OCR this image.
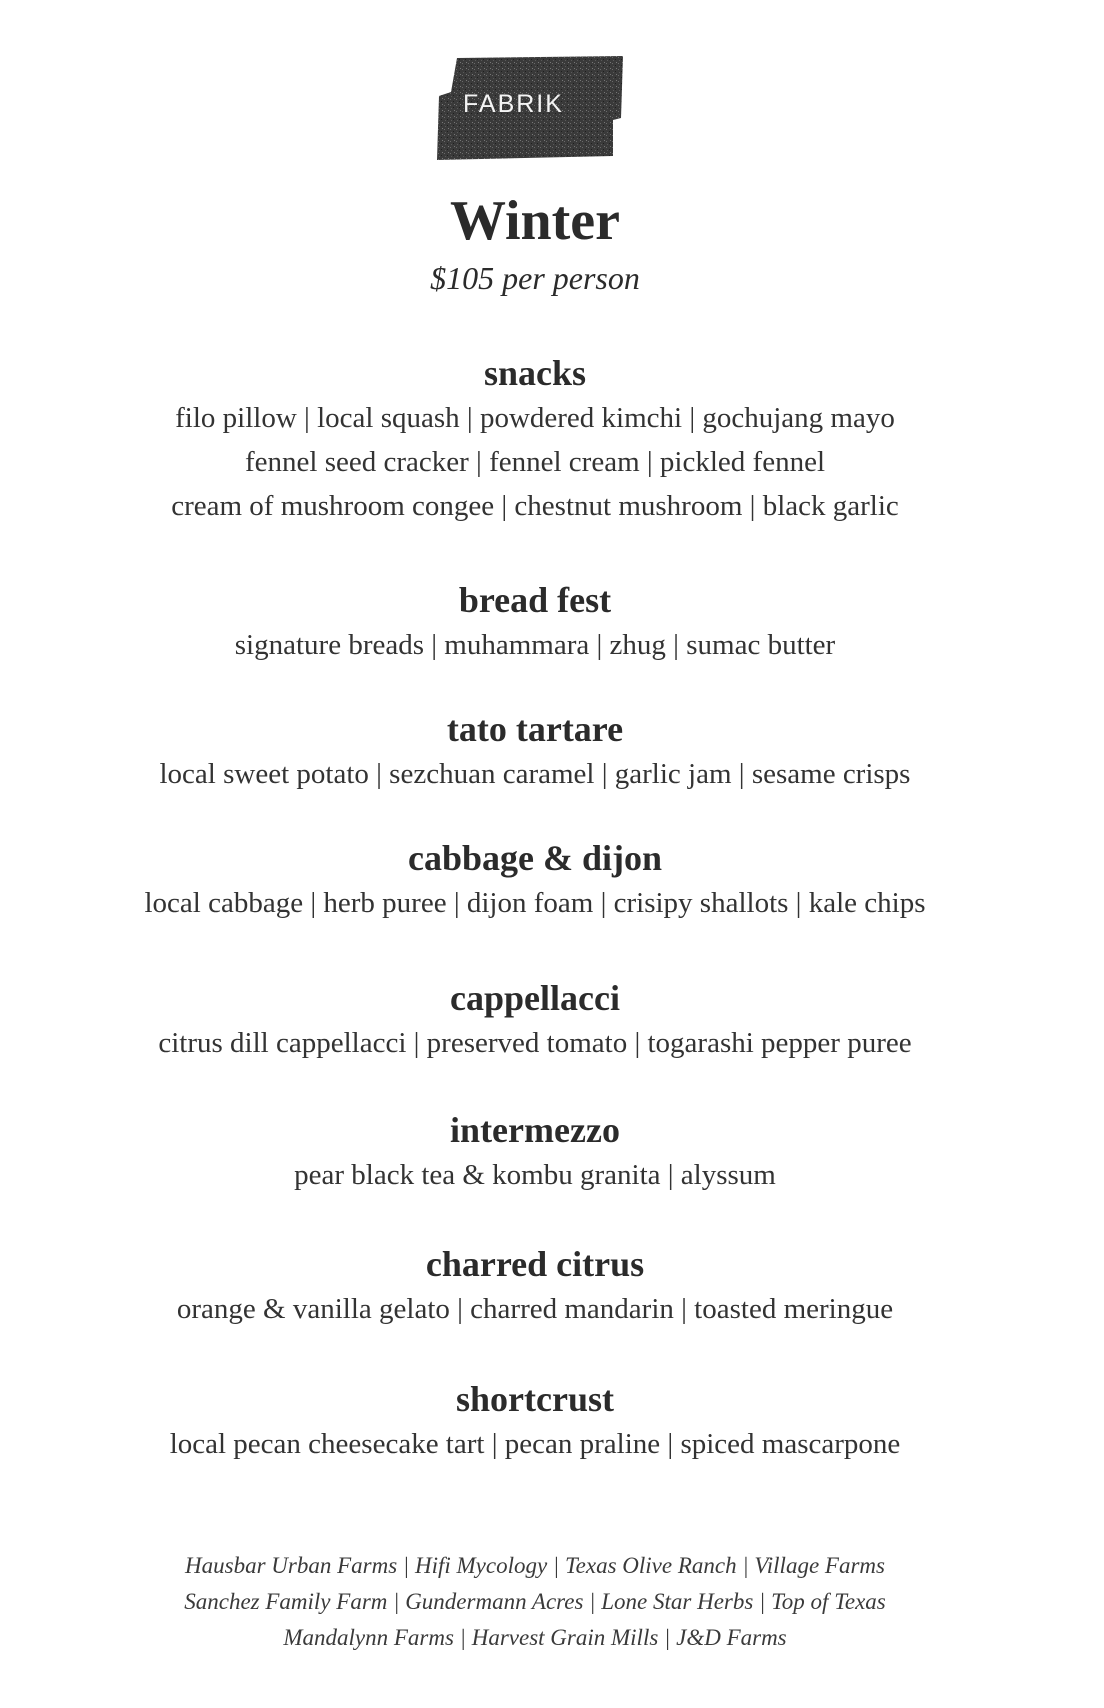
FABRIK
Winter
$105 per person
snacks
filo pillow | local squash | powdered kimchi | gochujang mayo
fennel seed cracker | fennel cream | pickled fennel
cream of mushroom congee | chestnut mushroom | black garlic
bread fest
signature breads | muhammara | zhug | sumac butter
tato tartare
local sweet potato | sezchuan caramel | garlic jam | sesame crisps
cabbage & dijon
local cabbage | herb puree | dijon foam | crisipy shallots | kale chips
cappellacci
citrus dill cappellacci | preserved tomato | togarashi pepper puree
intermezzo
pear black tea & kombu granita | alyssum
charred citrus
orange & vanilla gelato | charred mandarin | toasted meringue
shortcrust
local pecan cheesecake tart | pecan praline | spiced mascarpone
Hausbar Urban Farms | Hifi Mycology | Texas Olive Ranch | Village Farms
Sanchez Family Farm | Gundermann Acres | Lone Star Herbs | Top of Texas
Mandalynn Farms | Harvest Grain Mills | J&D Farms
